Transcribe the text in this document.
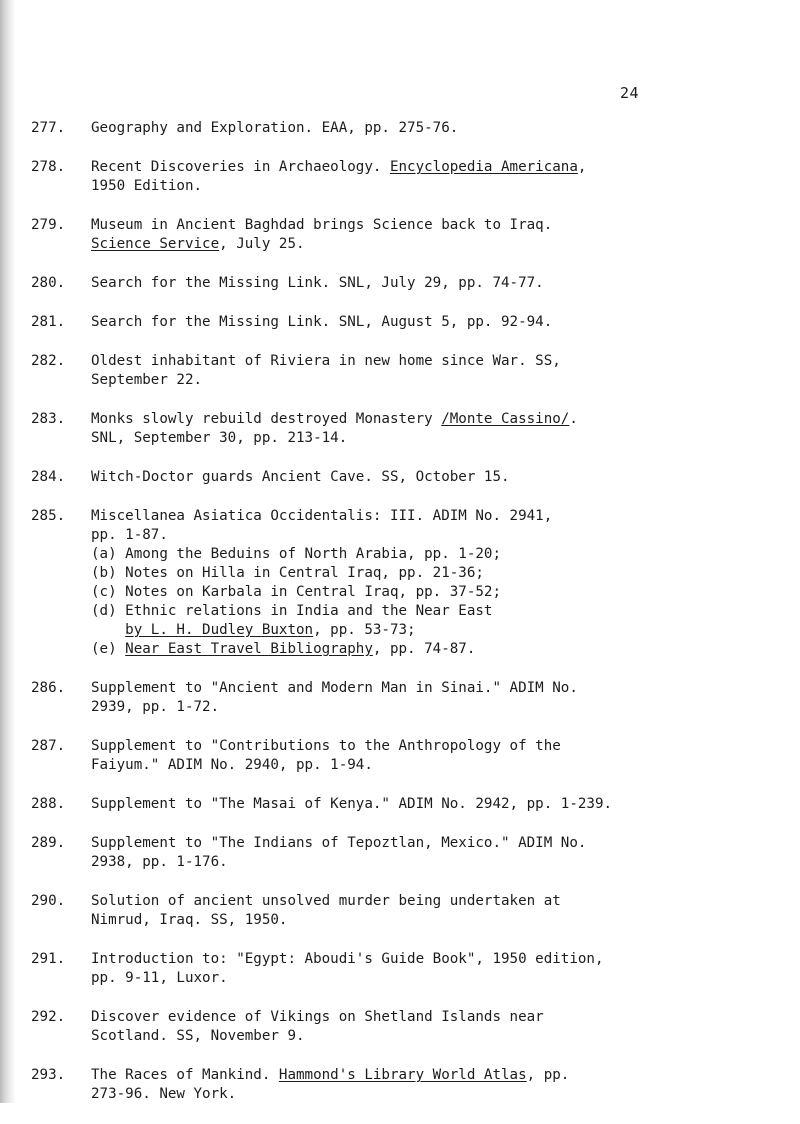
24
277.	Geography and Exploration. EAA, pp. 275-76.
278.	Recent Discoveries in Archaeology. Encyclopedia Americana,
1950 Edition.
279.	Museum in Ancient Baghdad brings Science back to Iraq.
Science Service, July 25.
280.	Search for the Missing Link. SNL, July 29, pp. 74-77.
281.	Search for the Missing Link. SNL, August 5, pp. 92-94.
282.	Oldest inhabitant of Riviera in new home since War. SS,
September 22.
283.	Monks slowly rebuild destroyed Monastery /Monte Cassino/.
SNL, September 30, pp. 213-14.
284.	Witch-Doctor guards Ancient Cave. SS, October 15.
285.	Miscellanea Asiatica Occidentalis: III. ADIM No. 2941,
pp. 1-87.
(a) Among the Beduins of North Arabia, pp. 1-20;
(b) Notes on Hilla in Central Iraq, pp. 21-36;
(c) Notes on Karbala in Central Iraq, pp. 37-52;
(d) Ethnic relations in India and the Near East
by L. H. Dudley Buxton, pp. 53-73;
(e) Near East Travel Bibliography, pp. 74-87.
286.	Supplement to "Ancient and Modern Man in Sinai." ADIM No.
2939, pp. 1-72.
287.	Supplement to "Contributions to the Anthropology of the
Faiyum." ADIM No. 2940, pp. 1-94.
288.	Supplement to "The Masai of Kenya." ADIM No. 2942, pp. 1-239.
289.	Supplement to "The Indians of Tepoztlan, Mexico." ADIM No.
2938, pp. 1-176.
290.	Solution of ancient unsolved murder being undertaken at
Nimrud, Iraq. SS, 1950.
291.	Introduction to: "Egypt: Aboudi's Guide Book", 1950 edition,
pp. 9-11, Luxor.
292.	Discover evidence of Vikings on Shetland Islands near
Scotland. SS, November 9.
293.	The Races of Mankind. Hammond's Library World Atlas, pp.
273-96. New York.
